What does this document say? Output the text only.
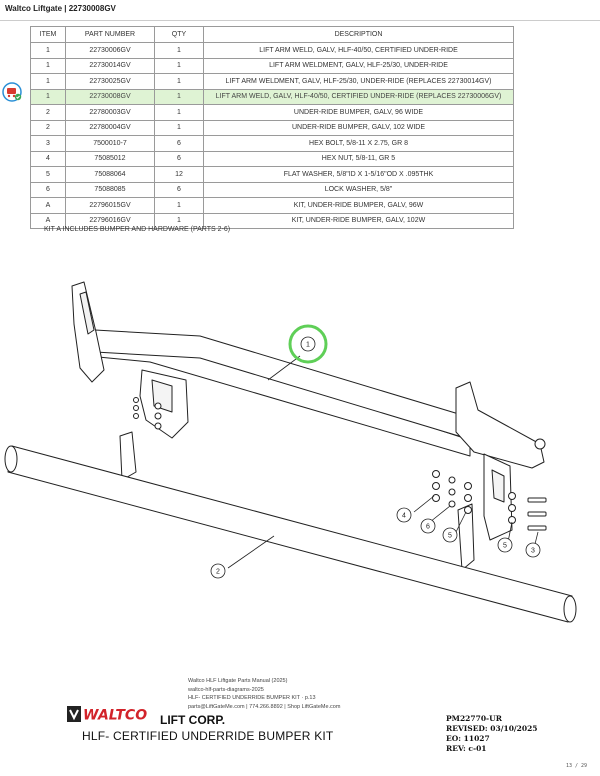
Waltco Liftgate | 22730008GV
ITEM	PART NUMBER	QTY	DESCRIPTION
1	22730006GV	1	LIFT ARM WELD, GALV, HLF-40/50, CERTIFIED UNDER-RIDE
1	22730014GV	1	LIFT ARM WELDMENT, GALV, HLF-25/30, UNDER-RIDE
1	22730025GV	1	LIFT ARM WELDMENT, GALV, HLF-25/30, UNDER-RIDE (REPLACES 22730014GV)
1	22730008GV	1	LIFT ARM WELD, GALV, HLF-40/50, CERTIFIED UNDER-RIDE (REPLACES 22730006GV)
2	22780003GV	1	UNDER-RIDE BUMPER, GALV, 96 WIDE
2	22780004GV	1	UNDER-RIDE BUMPER, GALV, 102 WIDE
3	7500010-7	6	HEX BOLT, 5/8-11 X 2.75, GR 8
4	75085012	6	HEX NUT, 5/8-11, GR 5
5	75088064	12	FLAT WASHER, 5/8"ID X 1-5/16"OD X .095THK
6	75088085	6	LOCK WASHER, 5/8"
A	22796015GV	1	KIT, UNDER-RIDE BUMPER, GALV, 96W
A	22796016GV	1	KIT, UNDER-RIDE BUMPER, GALV, 102W
KIT A INCLUDES BUMPER AND HARDWARE (PARTS 2-6)
1
2
3
4
5
5
6
Waltco HLF Liftgate Parts Manual (2025)
waltco-hlf-parts-diagrams-2025
HLF- CERTIFIED UNDERRIDE BUMPER KIT · p.13
parts@LiftGateMe.com | 774.266.8892 | Shop LiftGateMe.com
WALTCO LIFT CORP.
HLF- CERTIFIED UNDERRIDE BUMPER KIT
PM22770-UR
REVISED: 03/10/2025
EO: 11027
REV: c-01
13 / 29
